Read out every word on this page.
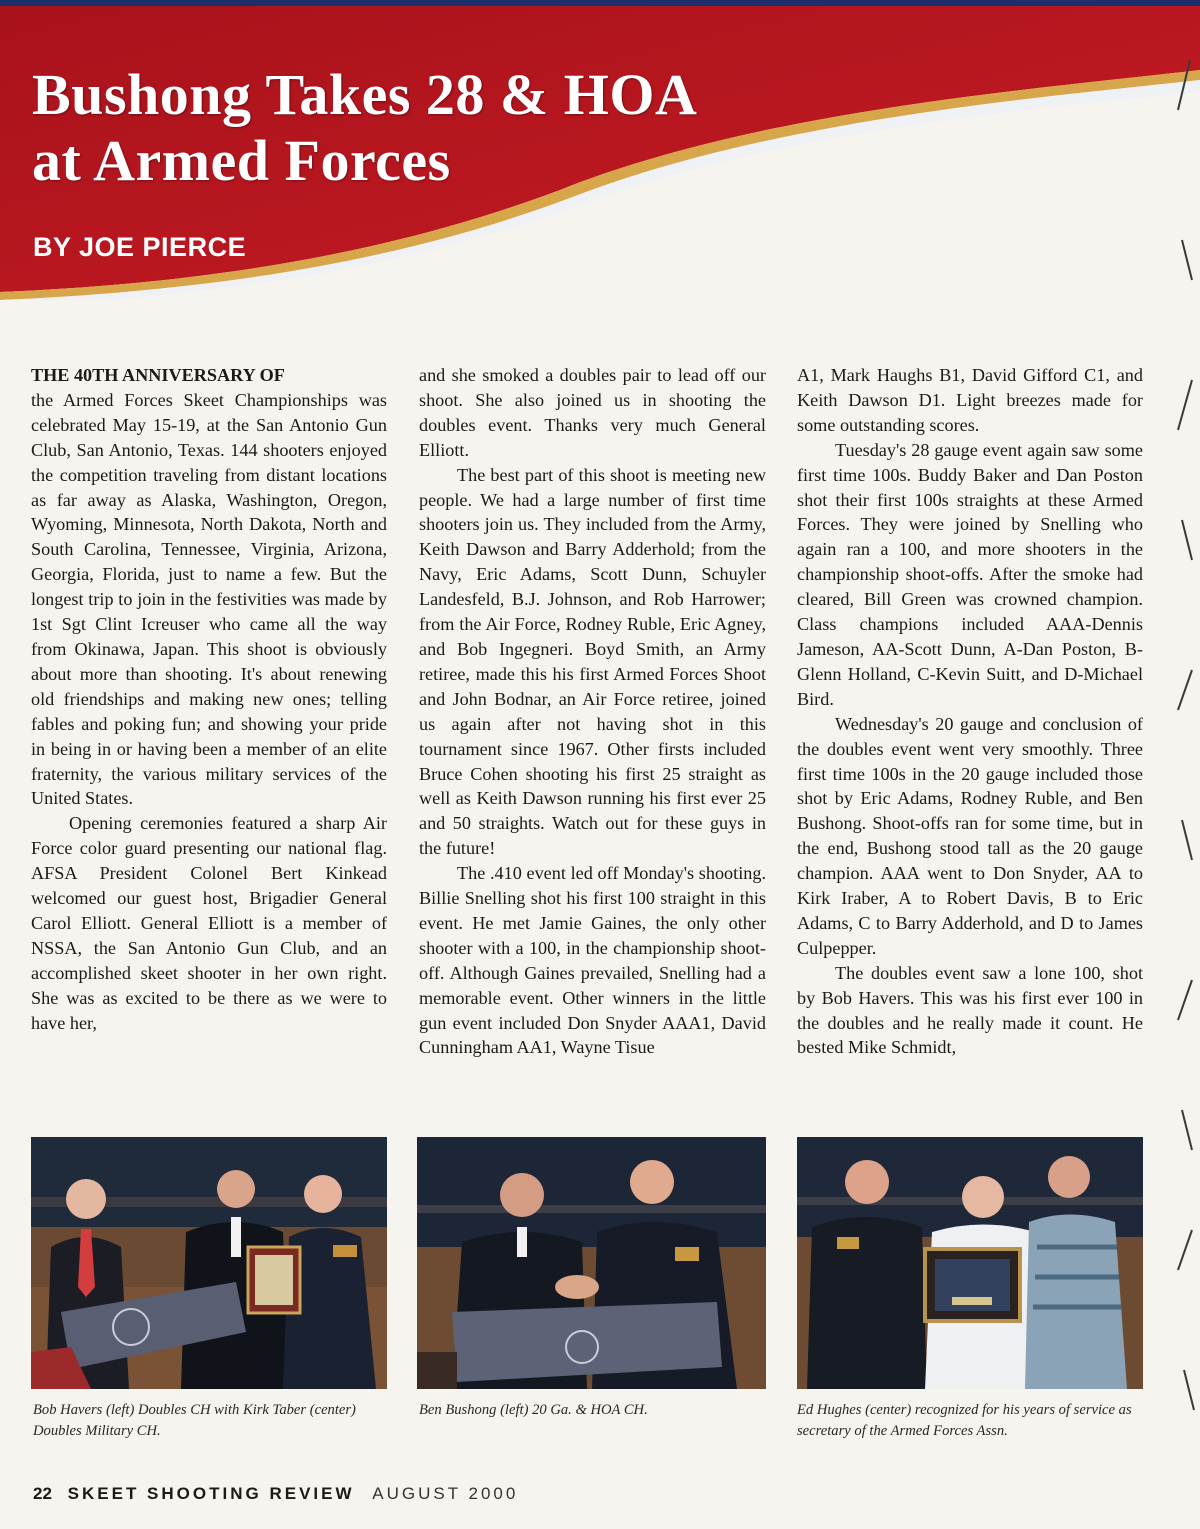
Bushong Takes 28 & HOA
at Armed Forces
BY JOE PIERCE

THE 40TH ANNIVERSARY OF
the Armed Forces Skeet Championships was celebrated May 15-19, at the San Antonio Gun Club, San Antonio, Texas. 144 shooters enjoyed the competition traveling from distant locations as far away as Alaska, Washington, Oregon, Wyoming, Minnesota, North Dakota, North and South Carolina, Tennessee, Virginia, Arizona, Georgia, Florida, just to name a few. But the longest trip to join in the festivities was made by 1st Sgt Clint Icreuser who came all the way from Okinawa, Japan. This shoot is obviously about more than shooting. It's about renewing old friendships and making new ones; telling fables and poking fun; and showing your pride in being in or having been a member of an elite fraternity, the various military services of the United States.

Opening ceremonies featured a sharp Air Force color guard presenting our national flag. AFSA President Colonel Bert Kinkead welcomed our guest host, Brigadier General Carol Elliott. General Elliott is a member of NSSA, the San Antonio Gun Club, and an accomplished skeet shooter in her own right. She was as excited to be there as we were to have her,

and she smoked a doubles pair to lead off our shoot. She also joined us in shooting the doubles event. Thanks very much General Elliott.

The best part of this shoot is meeting new people. We had a large number of first time shooters join us. They included from the Army, Keith Dawson and Barry Adderhold; from the Navy, Eric Adams, Scott Dunn, Schuyler Landesfeld, B.J. Johnson, and Rob Harrower; from the Air Force, Rodney Ruble, Eric Agney, and Bob Ingegneri. Boyd Smith, an Army retiree, made this his first Armed Forces Shoot and John Bodnar, an Air Force retiree, joined us again after not having shot in this tournament since 1967. Other firsts included Bruce Cohen shooting his first 25 straight as well as Keith Dawson running his first ever 25 and 50 straights. Watch out for these guys in the future!

The .410 event led off Monday's shooting. Billie Snelling shot his first 100 straight in this event. He met Jamie Gaines, the only other shooter with a 100, in the championship shoot-off. Although Gaines prevailed, Snelling had a memorable event. Other winners in the little gun event included Don Snyder AAA1, David Cunningham AA1, Wayne Tisue

A1, Mark Haughs B1, David Gifford C1, and Keith Dawson D1. Light breezes made for some outstanding scores.

Tuesday's 28 gauge event again saw some first time 100s. Buddy Baker and Dan Poston shot their first 100s straights at these Armed Forces. They were joined by Snelling who again ran a 100, and more shooters in the championship shoot-offs. After the smoke had cleared, Bill Green was crowned champion. Class champions included AAA-Dennis Jameson, AA-Scott Dunn, A-Dan Poston, B-Glenn Holland, C-Kevin Suitt, and D-Michael Bird.

Wednesday's 20 gauge and conclusion of the doubles event went very smoothly. Three first time 100s in the 20 gauge included those shot by Eric Adams, Rodney Ruble, and Ben Bushong. Shoot-offs ran for some time, but in the end, Bushong stood tall as the 20 gauge champion. AAA went to Don Snyder, AA to Kirk Iraber, A to Robert Davis, B to Eric Adams, C to Barry Adderhold, and D to James Culpepper.

The doubles event saw a lone 100, shot by Bob Havers. This was his first ever 100 in the doubles and he really made it count. He bested Mike Schmidt,

Bob Havers (left) Doubles CH with Kirk Taber (center) Doubles Military CH.
Ben Bushong (left) 20 Ga. & HOA CH.	Ed Hughes (center) recognized for his years of service as secretary of the Armed Forces Assn.
22 SKEET SHOOTING REVIEW AUGUST 2000
